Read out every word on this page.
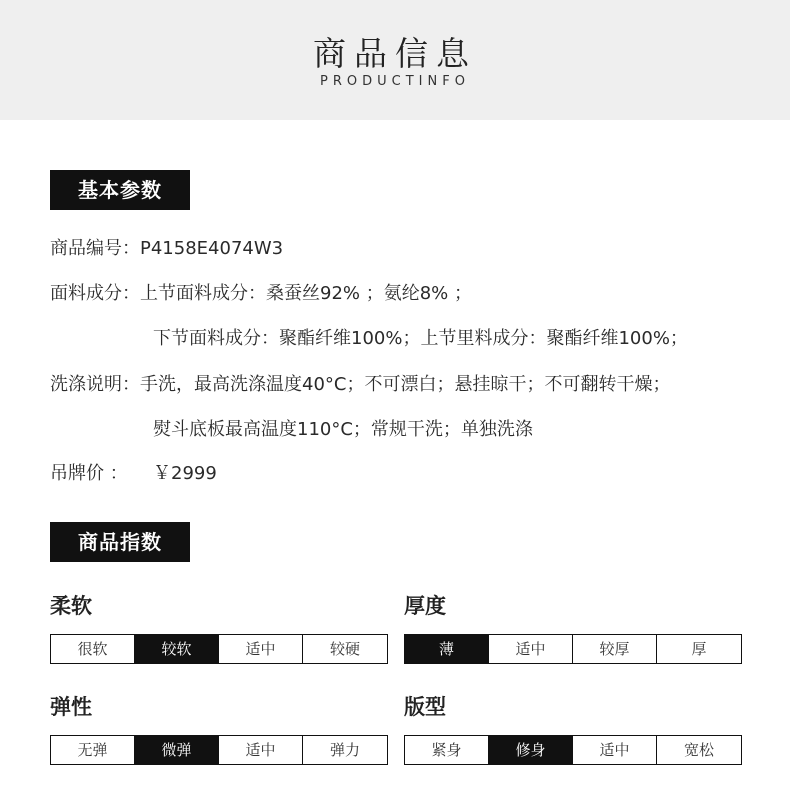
商品信息
PRODUCTINFO
基本参数
商品编号：P4158E4074W3
面料成分：上节面料成分：桑蚕丝92% ；氨纶8% ；
下节面料成分：聚酯纤维100%；上节里料成分：聚酯纤维100%；
洗涤说明：手洗，最高洗涤温度40°C；不可漂白；悬挂晾干；不可翻转干燥；
熨斗底板最高温度110°C；常规干洗；单独洗涤
吊牌价 ： ￥2999
商品指数
柔软
很软	较软	适中	较硬
厚度
薄	适中	较厚	厚
弹性
无弹	微弹	适中	弹力
版型
紧身	修身	适中	宽松
